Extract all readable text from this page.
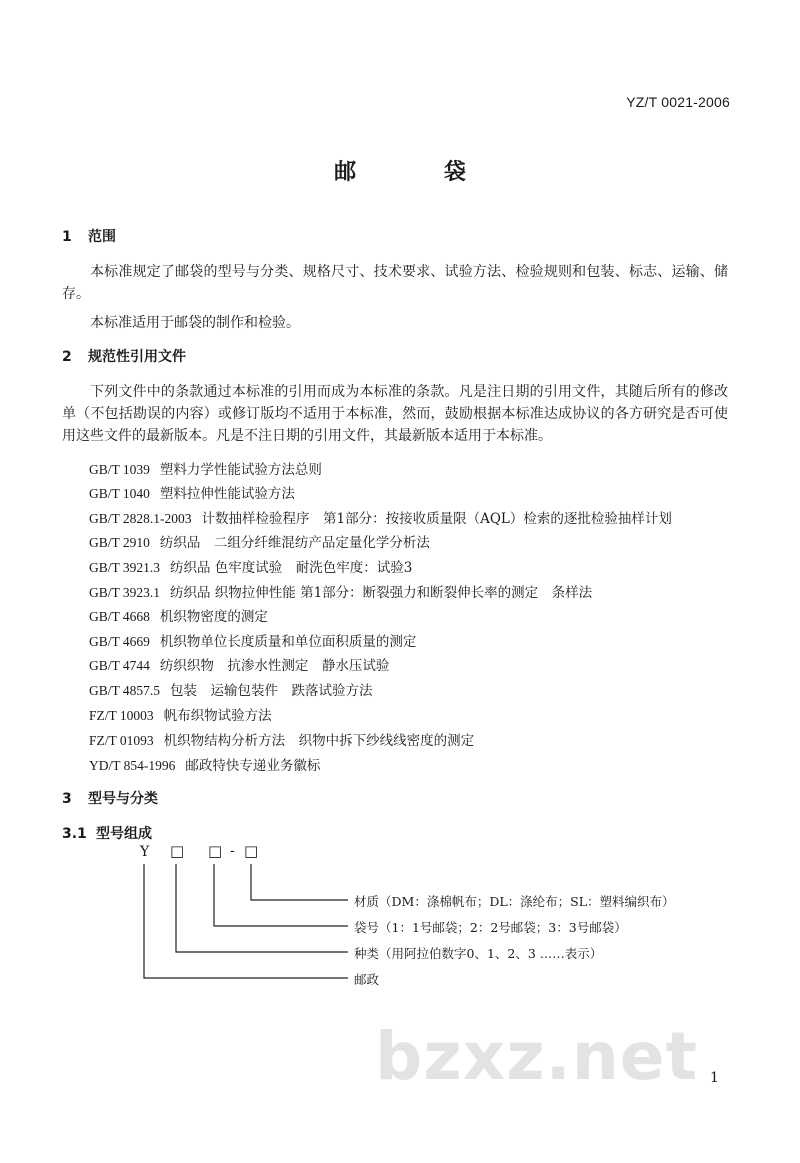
YZ/T 0021-2006
邮 袋
1 范围
本标准规定了邮袋的型号与分类、规格尺寸、技术要求、试验方法、检验规则和包装、标志、运输、储存。
本标准适用于邮袋的制作和检验。
2 规范性引用文件
下列文件中的条款通过本标准的引用而成为本标准的条款。凡是注日期的引用文件，其随后所有的修改单（不包括勘误的内容）或修订版均不适用于本标准，然而，鼓励根据本标准达成协议的各方研究是否可使用这些文件的最新版本。凡是不注日期的引用文件，其最新版本适用于本标准。
GB/T 1039 塑料力学性能试验方法总则
GB/T 1040 塑料拉伸性能试验方法
GB/T 2828.1-2003 计数抽样检验程序　第1部分：按接收质量限（AQL）检索的逐批检验抽样计划
GB/T 2910 纺织品　二组分纤维混纺产品定量化学分析法
GB/T 3921.3 纺织品 色牢度试验　耐洗色牢度：试验3
GB/T 3923.1 纺织品 织物拉伸性能 第1部分：断裂强力和断裂伸长率的测定　条样法
GB/T 4668 机织物密度的测定
GB/T 4669 机织物单位长度质量和单位面积质量的测定
GB/T 4744 纺织织物　抗渗水性测定　静水压试验
GB/T 4857.5 包装　运输包装件　跌落试验方法
FZ/T 10003 帆布织物试验方法
FZ/T 01093 机织物结构分析方法　织物中拆下纱线线密度的测定
YD/T 854-1996 邮政特快专递业务徽标
3 型号与分类
3.1 型号组成
Y □ □ - □
材质（DM：涤棉帆布；DL：涤纶布；SL：塑料编织布）
袋号（1：1号邮袋；2：2号邮袋；3：3号邮袋）
种类（用阿拉伯数字0、1、2、3 ……表示）
邮政
bzxz.net 1
